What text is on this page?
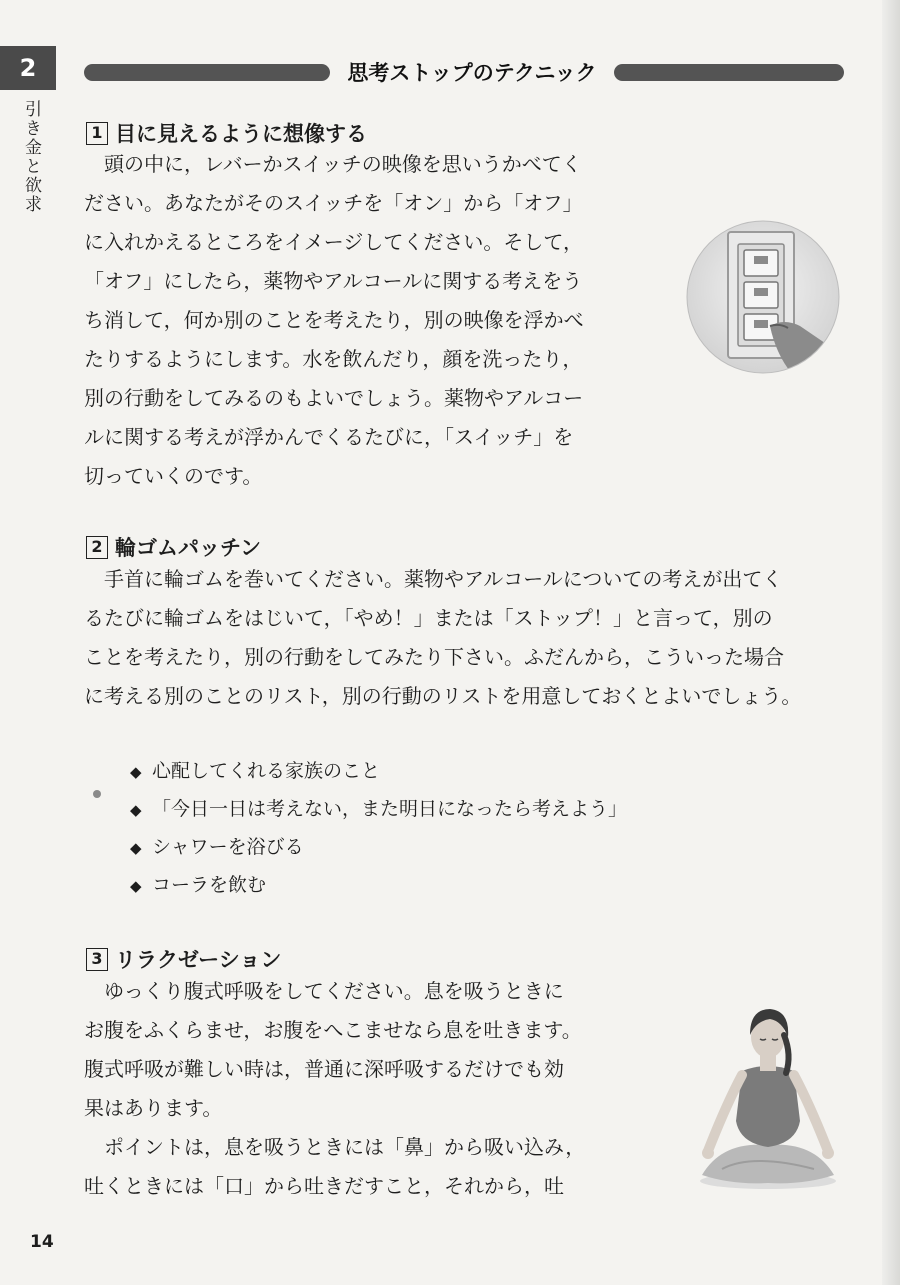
2
引き金と欲求
思考ストップのテクニック
1 目に見えるように想像する
　頭の中に，レバーかスイッチの映像を思いうかべてく
ださい。あなたがそのスイッチを「オン」から「オフ」
に入れかえるところをイメージしてください。そして，
「オフ」にしたら，薬物やアルコールに関する考えをう
ち消して，何か別のことを考えたり，別の映像を浮かべ
たりするようにします。水を飲んだり，顔を洗ったり，
別の行動をしてみるのもよいでしょう。薬物やアルコー
ルに関する考えが浮かんでくるたびに，「スイッチ」を
切っていくのです。
2 輪ゴムパッチン
　手首に輪ゴムを巻いてください。薬物やアルコールについての考えが出てく
るたびに輪ゴムをはじいて，「やめ！」または「ストップ！」と言って，別の
ことを考えたり，別の行動をしてみたり下さい。ふだんから，こういった場合
に考える別のことのリスト，別の行動のリストを用意しておくとよいでしょう。
◆ 心配してくれる家族のこと
◆ 「今日一日は考えない，また明日になったら考えよう」
◆ シャワーを浴びる
◆ コーラを飲む
3 リラクゼーション
　ゆっくり腹式呼吸をしてください。息を吸うときに
お腹をふくらませ，お腹をへこませなら息を吐きます。
腹式呼吸が難しい時は，普通に深呼吸するだけでも効
果はあります。
　ポイントは，息を吸うときには「鼻」から吸い込み，
吐くときには「口」から吐きだすこと，それから，吐
14
